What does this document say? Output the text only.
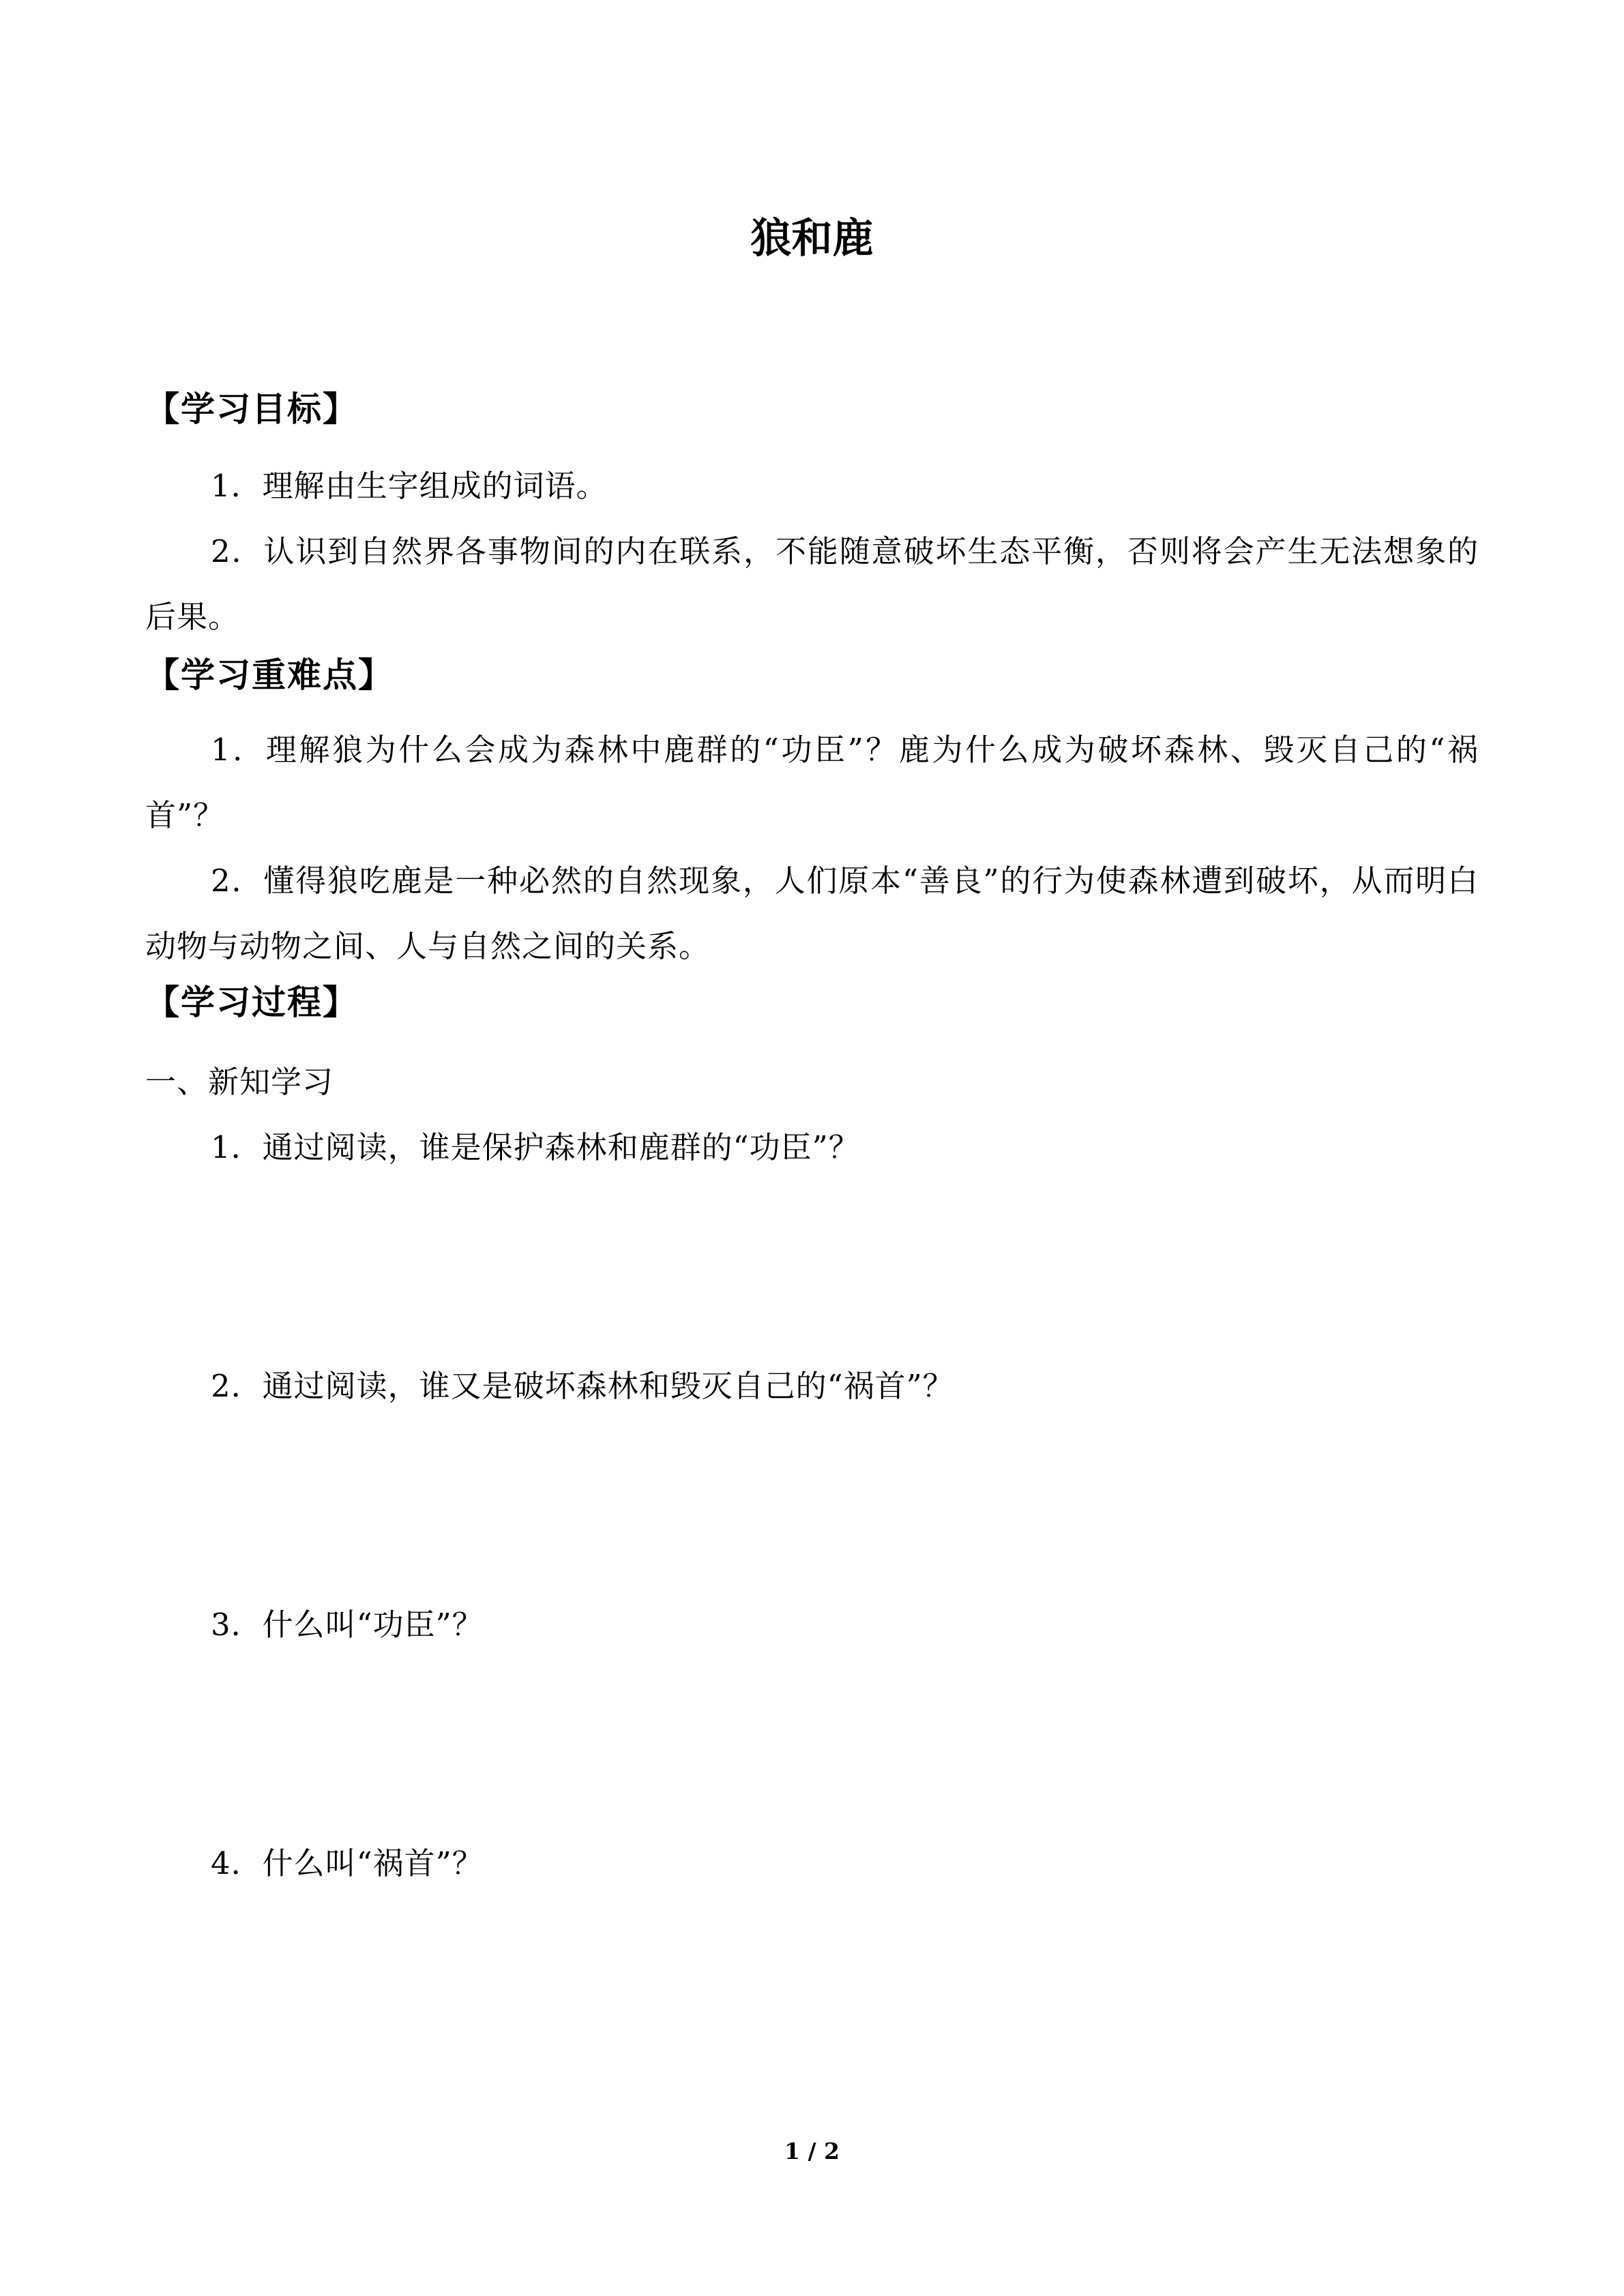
狼和鹿
【学习目标】

1．理解由生字组成的词语。

2．认识到自然界各事物间的内在联系，不能随意破坏生态平衡，否则将会产生无法想象的后果。

【学习重难点】

1．理解狼为什么会成为森林中鹿群的“功臣”？鹿为什么成为破坏森林、毁灭自己的“祸首”？

2．懂得狼吃鹿是一种必然的自然现象，人们原本“善良”的行为使森林遭到破坏，从而明白动物与动物之间、人与自然之间的关系。

【学习过程】
一、新知学习
1．通过阅读，谁是保护森林和鹿群的“功臣”？
2．通过阅读，谁又是破坏森林和毁灭自己的“祸首”？
3．什么叫“功臣”？
4．什么叫“祸首”？
1 / 2
